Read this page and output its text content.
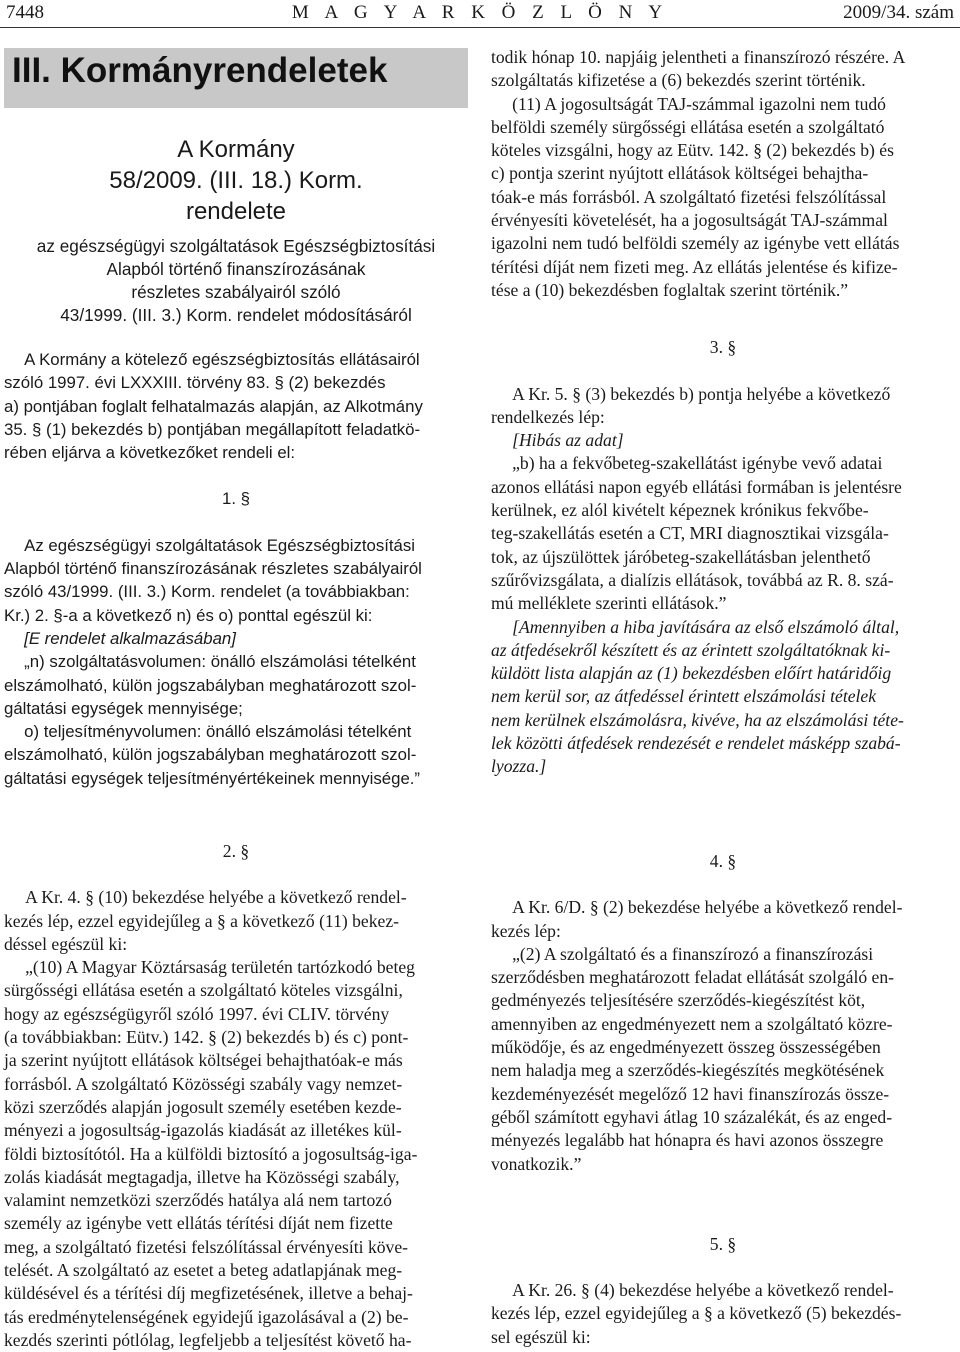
7448	M A G Y A R K Ö Z L Ö N Y	2009/34. szám
III. Kormányrendeletek
A Kormány
58/2009. (III. 18.) Korm.
rendelete
az egészségügyi szolgáltatások Egészségbiztosítási
Alapból történő finanszírozásának
részletes szabályairól szóló
43/1999. (III. 3.) Korm. rendelet módosításáról

A Kormány a kötelező egészségbiztosítás ellátásairól

szóló 1997. évi LXXXIII. törvény 83. § (2) bekezdés

a) pontjában foglalt felhatalmazás alapján, az Alkotmány

35. § (1) bekezdés b) pontjában megállapított feladatkö-

rében eljárva a következőket rendeli el:

1. §

Az egészségügyi szolgáltatások Egészségbiztosítási

Alapból történő finanszírozásának részletes szabályairól

szóló 43/1999. (III. 3.) Korm. rendelet (a továbbiakban:

Kr.) 2. §-a a következő n) és o) ponttal egészül ki:

[E rendelet alkalmazásában]

„n) szolgáltatásvolumen: önálló elszámolási tételként

elszámolható, külön jogszabályban meghatározott szol-

gáltatási egységek mennyisége;

o) teljesítményvolumen: önálló elszámolási tételként

elszámolható, külön jogszabályban meghatározott szol-

gáltatási egységek teljesítményértékeinek mennyisége.”

2. §

A Kr. 4. § (10) bekezdése helyébe a következő rendel-

kezés lép, ezzel egyidejűleg a § a következő (11) bekez-

déssel egészül ki:

„(10) A Magyar Köztársaság területén tartózkodó beteg

sürgősségi ellátása esetén a szolgáltató köteles vizsgálni,

hogy az egészségügyről szóló 1997. évi CLIV. törvény

(a továbbiakban: Eütv.) 142. § (2) bekezdés b) és c) pont-

ja szerint nyújtott ellátások költségei behajthatóak-e más

forrásból. A szolgáltató Közösségi szabály vagy nemzet-

közi szerződés alapján jogosult személy esetében kezde-

ményezi a jogosultság-igazolás kiadását az illetékes kül-

földi biztosítótól. Ha a külföldi biztosító a jogosultság-iga-

zolás kiadását megtagadja, illetve ha Közösségi szabály,

valamint nemzetközi szerződés hatálya alá nem tartozó

személy az igénybe vett ellátás térítési díját nem fizette

meg, a szolgáltató fizetési felszólítással érvényesíti köve-

telését. A szolgáltató az esetet a beteg adatlapjának meg-

küldésével és a térítési díj megfizetésének, illetve a behaj-

tás eredménytelenségének egyidejű igazolásával a (2) be-

kezdés szerinti pótlólag, legfeljebb a teljesítést követő ha-

todik hónap 10. napjáig jelentheti a finanszírozó részére. A

szolgáltatás kifizetése a (6) bekezdés szerint történik.

(11) A jogosultságát TAJ-számmal igazolni nem tudó

belföldi személy sürgősségi ellátása esetén a szolgáltató

köteles vizsgálni, hogy az Eütv. 142. § (2) bekezdés b) és

c) pontja szerint nyújtott ellátások költségei behajtha-

tóak-e más forrásból. A szolgáltató fizetési felszólítással

érvényesíti követelését, ha a jogosultságát TAJ-számmal

igazolni nem tudó belföldi személy az igénybe vett ellátás

térítési díját nem fizeti meg. Az ellátás jelentése és kifize-

tése a (10) bekezdésben foglaltak szerint történik.”

3. §

A Kr. 5. § (3) bekezdés b) pontja helyébe a következő

rendelkezés lép:

[Hibás az adat]

„b) ha a fekvőbeteg-szakellátást igénybe vevő adatai

azonos ellátási napon egyéb ellátási formában is jelentésre

kerülnek, ez alól kivételt képeznek krónikus fekvőbe-

teg-szakellátás esetén a CT, MRI diagnosztikai vizsgála-

tok, az újszülöttek járóbeteg-szakellátásban jelenthető

szűrővizsgálata, a dialízis ellátások, továbbá az R. 8. szá-

mú melléklete szerinti ellátások.”

[Amennyiben a hiba javítására az első elszámoló által,

az átfedésekről készített és az érintett szolgáltatóknak ki-

küldött lista alapján az (1) bekezdésben előírt határidőig

nem kerül sor, az átfedéssel érintett elszámolási tételek

nem kerülnek elszámolásra, kivéve, ha az elszámolási téte-

lek közötti átfedések rendezését e rendelet másképp szabá-

lyozza.]

4. §

A Kr. 6/D. § (2) bekezdése helyébe a következő rendel-

kezés lép:

„(2) A szolgáltató és a finanszírozó a finanszírozási

szerződésben meghatározott feladat ellátását szolgáló en-

gedményezés teljesítésére szerződés-kiegészítést köt,

amennyiben az engedményezett nem a szolgáltató közre-

működője, és az engedményezett összeg összességében

nem haladja meg a szerződés-kiegészítés megkötésének

kezdeményezését megelőző 12 havi finanszírozás össze-

géből számított egyhavi átlag 10 százalékát, és az enged-

ményezés legalább hat hónapra és havi azonos összegre

vonatkozik.”

5. §

A Kr. 26. § (4) bekezdése helyébe a következő rendel-

kezés lép, ezzel egyidejűleg a § a következő (5) bekezdés-

sel egészül ki:
